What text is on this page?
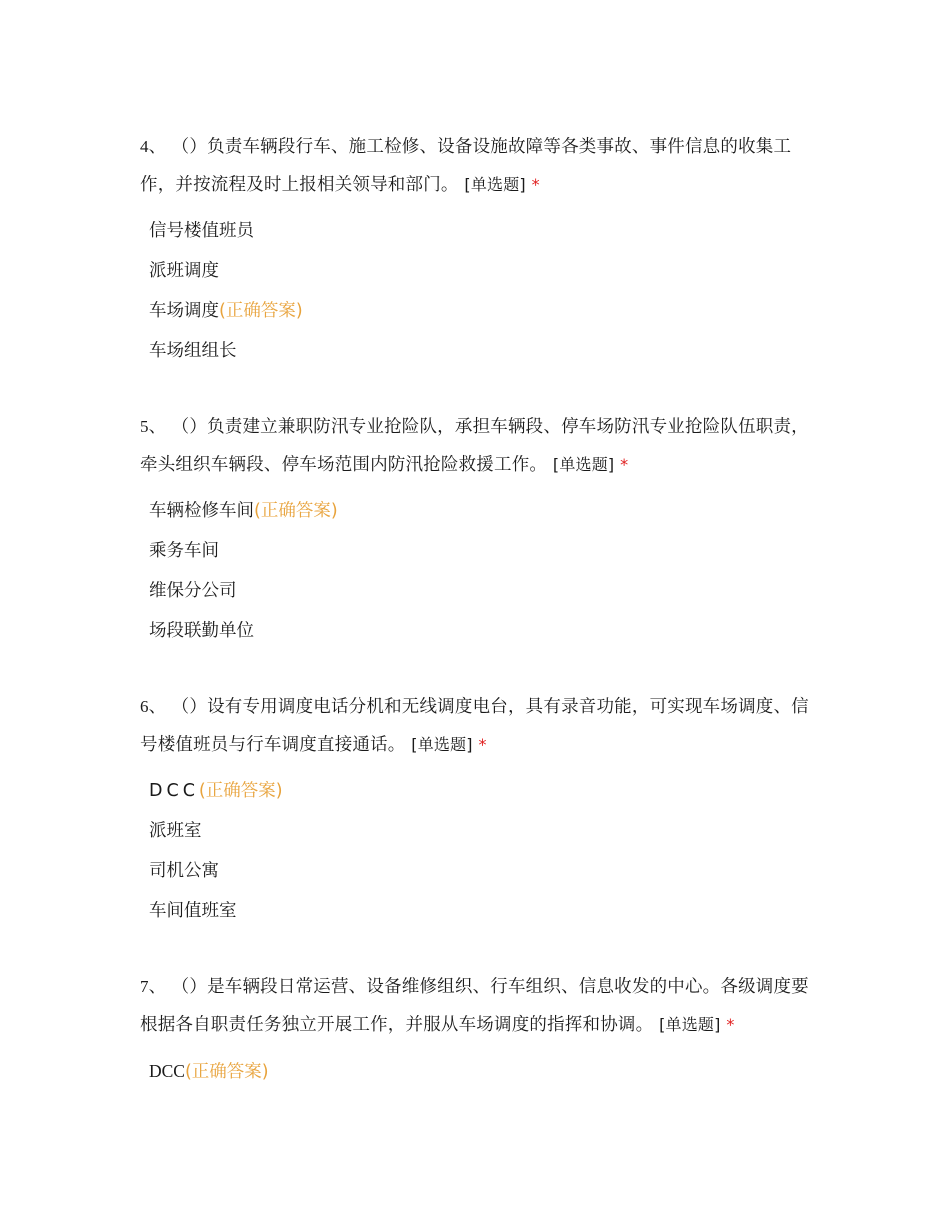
4、 （）负责车辆段行车、施工检修、设备设施故障等各类事故、事件信息的收集工作，并按流程及时上报相关领导和部门。 [单选题] *

信号楼值班员
派班调度
车场调度(正确答案)
车场组组长

5、 （）负责建立兼职防汛专业抢险队，承担车辆段、停车场防汛专业抢险队伍职责，牵头组织车辆段、停车场范围内防汛抢险救援工作。 [单选题] *

车辆检修车间(正确答案)
乘务车间
维保分公司
场段联勤单位

6、 （）设有专用调度电话分机和无线调度电台，具有录音功能，可实现车场调度、信号楼值班员与行车调度直接通话。 [单选题] *

DCC(正确答案)
派班室
司机公寓
车间值班室

7、 （）是车辆段日常运营、设备维修组织、行车组织、信息收发的中心。各级调度要根据各自职责任务独立开展工作，并服从车场调度的指挥和协调。 [单选题] *

DCC(正确答案)
